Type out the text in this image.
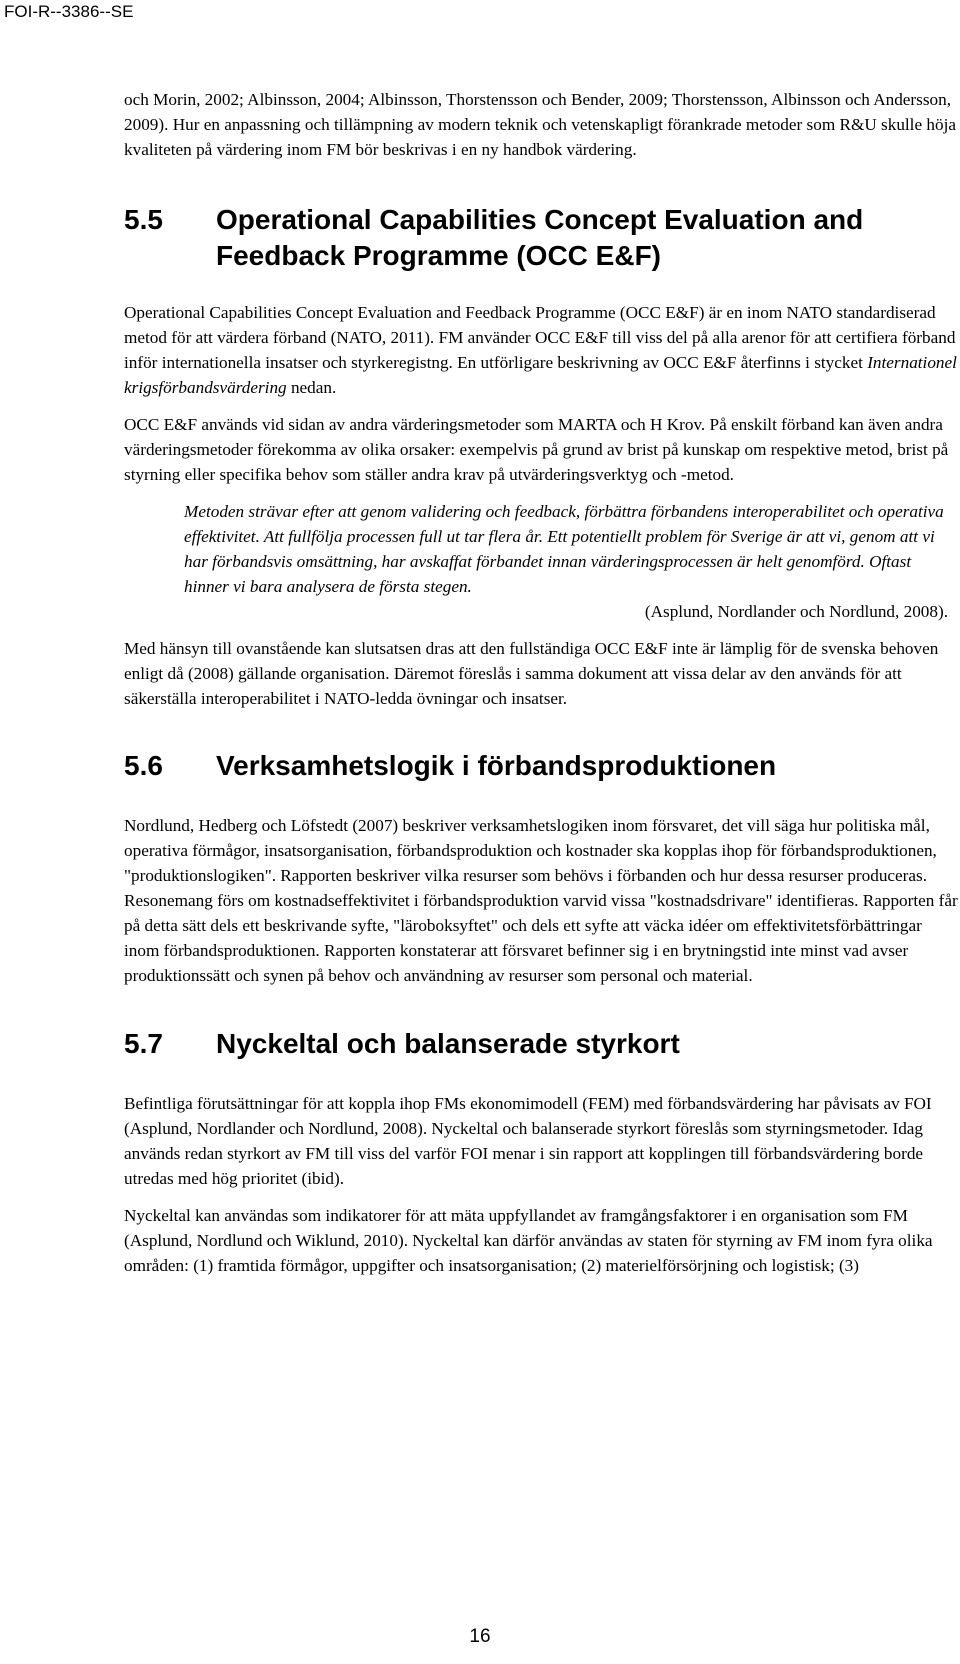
FOI-R--3386--SE

och Morin, 2002; Albinsson, 2004; Albinsson, Thorstensson och Bender, 2009; Thorstensson, Albinsson och Andersson, 2009). Hur en anpassning och tillämpning av modern teknik och vetenskapligt förankrade metoder som R&U skulle höja kvaliteten på värdering inom FM bör beskrivas i en ny handbok värdering.

5.5	Operational Capabilities Concept Evaluation and Feedback Programme (OCC E&F)

Operational Capabilities Concept Evaluation and Feedback Programme (OCC E&F) är en inom NATO standardiserad metod för att värdera förband (NATO, 2011). FM använder OCC E&F till viss del på alla arenor för att certifiera förband inför internationella insatser och styrkeregistng. En utförligare beskrivning av OCC E&F återfinns i stycket Internationel krigsförbandsvärdering nedan.

OCC E&F används vid sidan av andra värderingsmetoder som MARTA och H Krov. På enskilt förband kan även andra värderingsmetoder förekomma av olika orsaker: exempelvis på grund av brist på kunskap om respektive metod, brist på styrning eller specifika behov som ställer andra krav på utvärderingsverktyg och -metod.

Metoden strävar efter att genom validering och feedback, förbättra förbandens interoperabilitet och operativa effektivitet. Att fullfölja processen full ut tar flera år. Ett potentiellt problem för Sverige är att vi, genom att vi har förbandsvis omsättning, har avskaffat förbandet innan värderingsprocessen är helt genomförd. Oftast hinner vi bara analysera de första stegen.

(Asplund, Nordlander och Nordlund, 2008).

Med hänsyn till ovanstående kan slutsatsen dras att den fullständiga OCC E&F inte är lämplig för de svenska behoven enligt då (2008) gällande organisation. Däremot föreslås i samma dokument att vissa delar av den används för att säkerställa interoperabilitet i NATO-ledda övningar och insatser.

5.6	Verksamhetslogik i förbandsproduktionen

Nordlund, Hedberg och Löfstedt (2007) beskriver verksamhetslogiken inom försvaret, det vill säga hur politiska mål, operativa förmågor, insatsorganisation, förbandsproduktion och kostnader ska kopplas ihop för förbandsproduktionen, "produktionslogiken". Rapporten beskriver vilka resurser som behövs i förbanden och hur dessa resurser produceras. Resonemang förs om kostnadseffektivitet i förbandsproduktion varvid vissa "kostnadsdrivare" identifieras. Rapporten får på detta sätt dels ett beskrivande syfte, "läroboksyftet" och dels ett syfte att väcka idéer om effektivitetsförbättringar inom förbandsproduktionen. Rapporten konstaterar att försvaret befinner sig i en brytningstid inte minst vad avser produktionssätt och synen på behov och användning av resurser som personal och material.

5.7	Nyckeltal och balanserade styrkort

Befintliga förutsättningar för att koppla ihop FMs ekonomimodell (FEM) med förbandsvärdering har påvisats av FOI (Asplund, Nordlander och Nordlund, 2008). Nyckeltal och balanserade styrkort föreslås som styrningsmetoder. Idag används redan styrkort av FM till viss del varför FOI menar i sin rapport att kopplingen till förbandsvärdering borde utredas med hög prioritet (ibid).

Nyckeltal kan användas som indikatorer för att mäta uppfyllandet av framgångsfaktorer i en organisation som FM (Asplund, Nordlund och Wiklund, 2010). Nyckeltal kan därför användas av staten för styrning av FM inom fyra olika områden: (1) framtida förmågor, uppgifter och insatsorganisation; (2) materielförsörjning och logistisk; (3)

16
